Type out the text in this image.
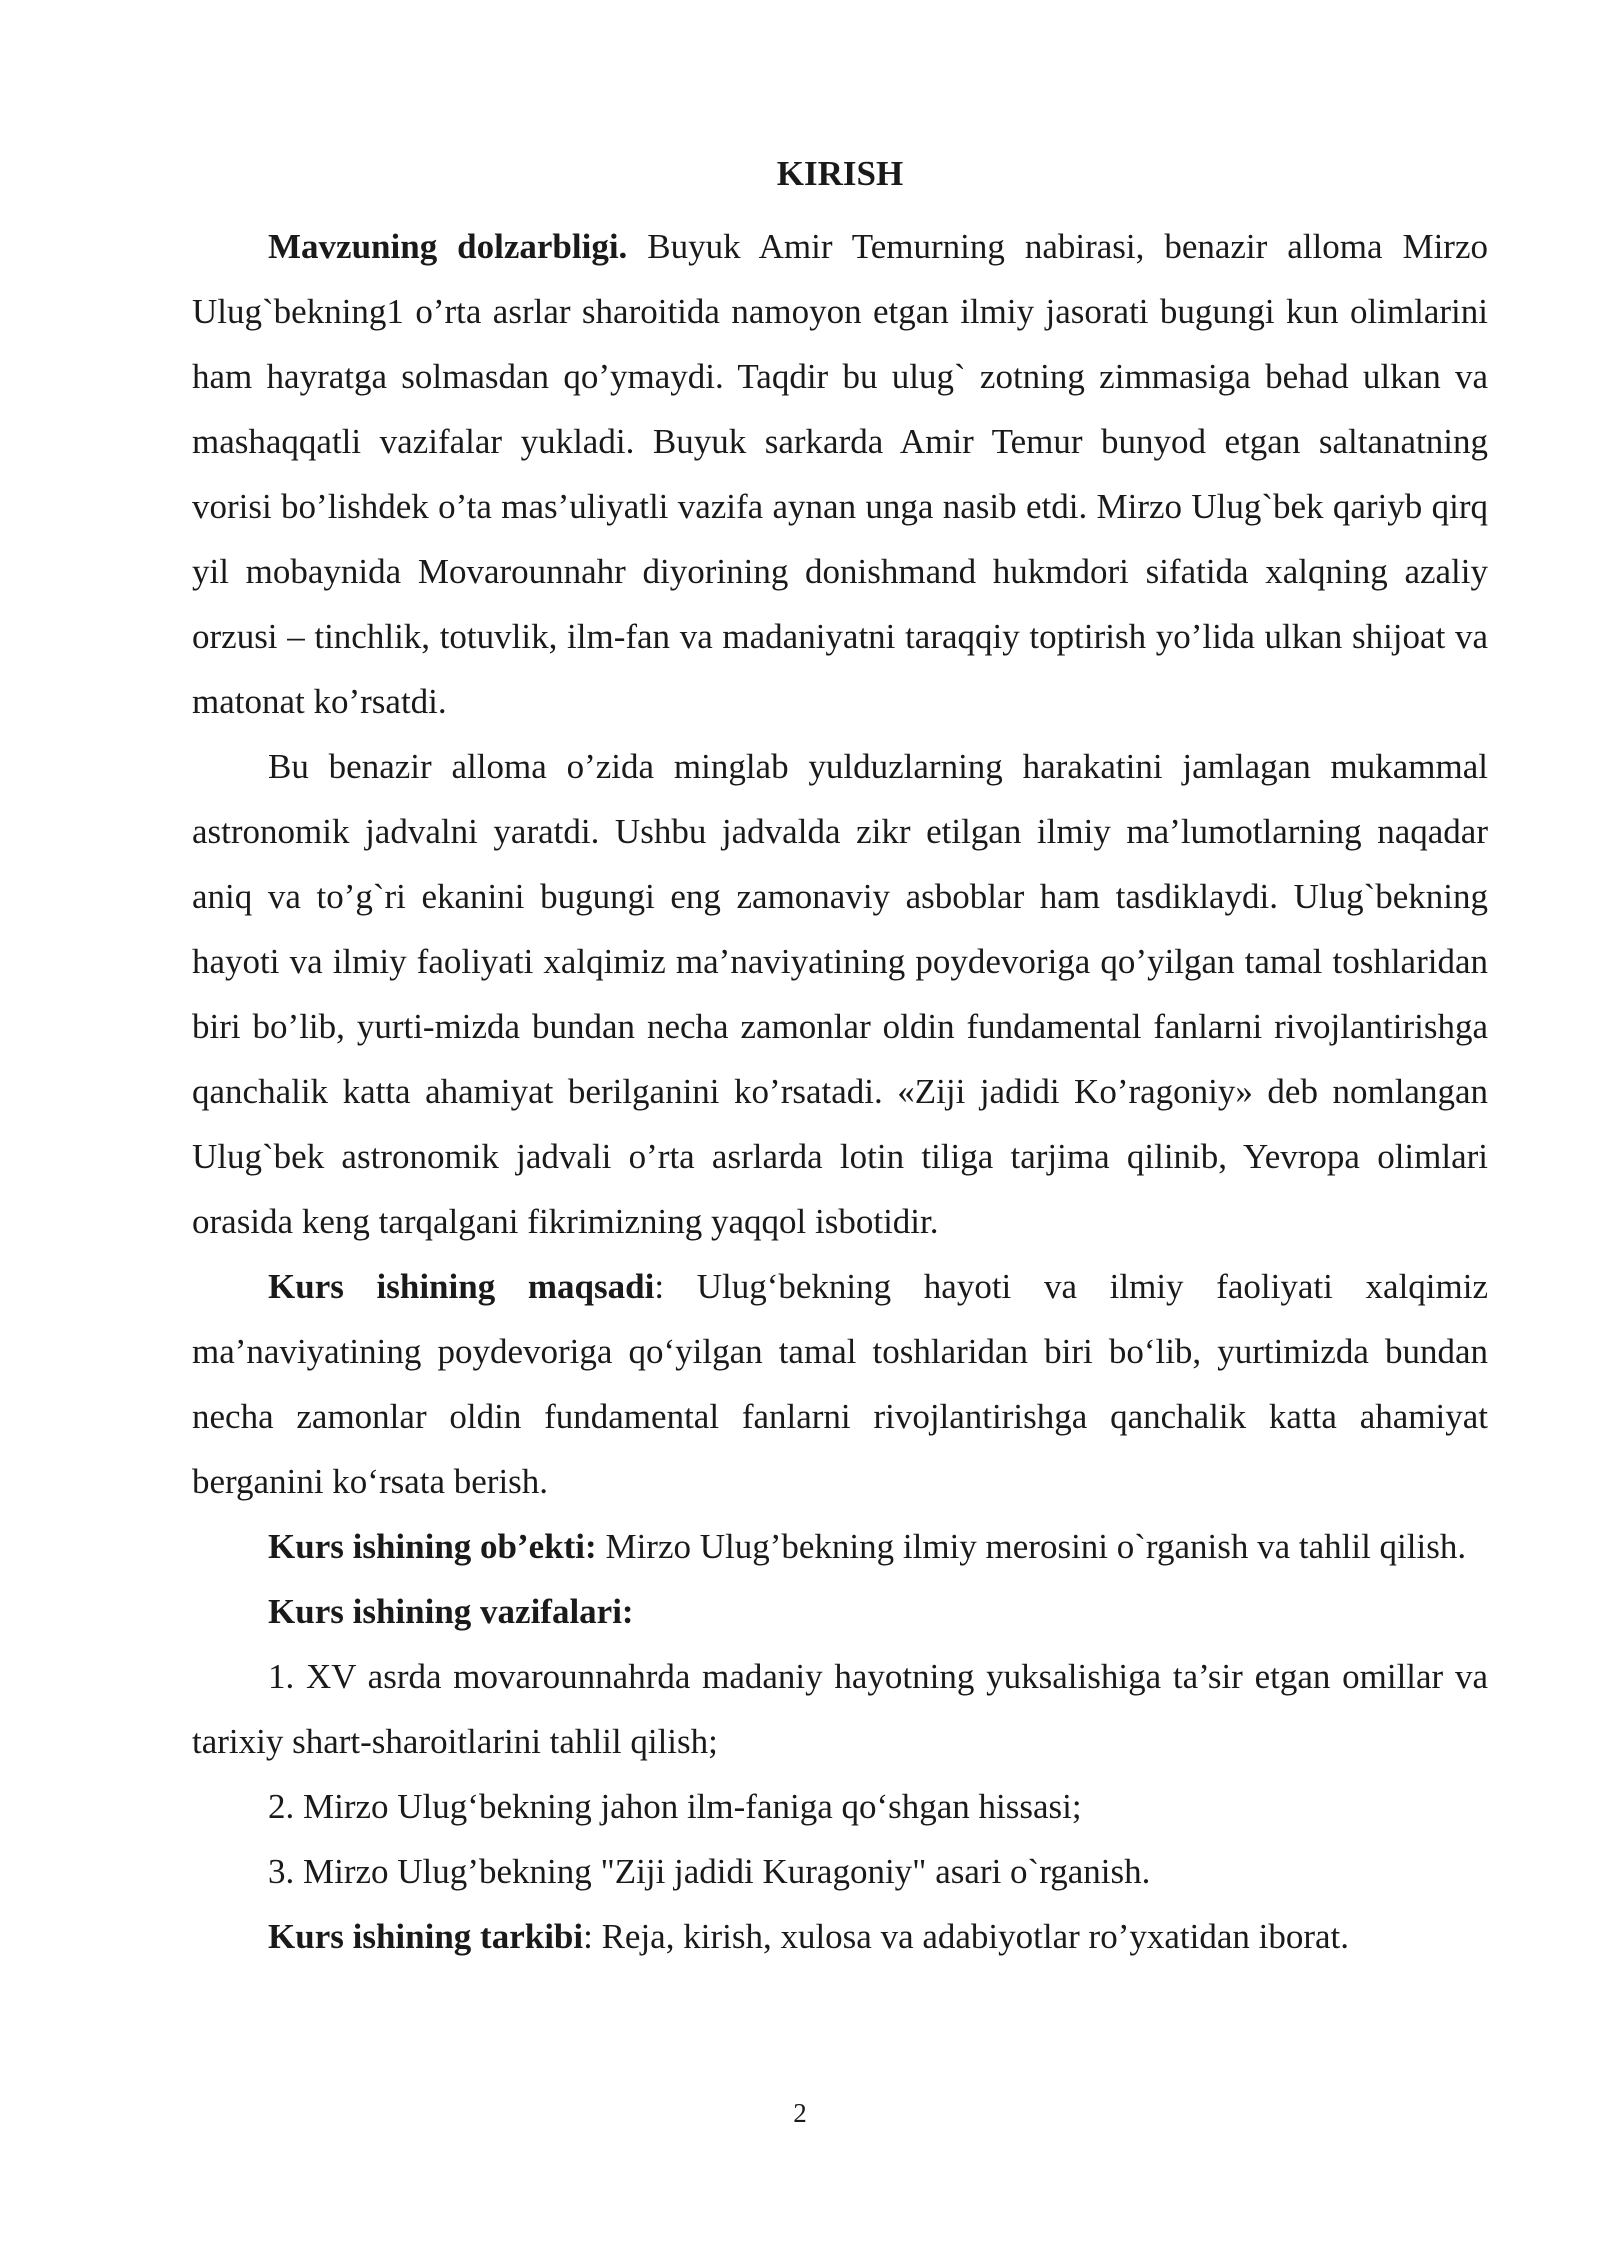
KIRISH

Mavzuning dolzarbligi. Buyuk Amir Temurning nabirasi, benazir alloma Mirzo Ulug`bekning1 o’rta asrlar sharoitida namoyon etgan ilmiy jasorati bugungi kun olimlarini ham hayratga solmasdan qo’ymaydi. Taqdir bu ulug` zotning zimmasiga behad ulkan va mashaqqatli vazifalar yukladi. Buyuk sarkarda Amir Temur bunyod etgan saltanatning vorisi bo’lishdek o’ta mas’uliyatli vazifa aynan unga nasib etdi. Mirzo Ulug`bek qariyb qirq yil mobaynida Movarounnahr diyorining donishmand hukmdori sifatida xalqning azaliy orzusi – tinchlik, totuvlik, ilm-fan va madaniyatni taraqqiy toptirish yo’lida ulkan shijoat va matonat ko’rsatdi.

Bu benazir alloma o’zida minglab yulduzlarning harakatini jamlagan mukammal astronomik jadvalni yaratdi. Ushbu jadvalda zikr etilgan ilmiy ma’lumotlarning naqadar aniq va to’g`ri ekanini bugungi eng zamonaviy asboblar ham tasdiklaydi. Ulug`bekning hayoti va ilmiy faoliyati xalqimiz ma’naviyatining poydevoriga qo’yilgan tamal toshlaridan biri bo’lib, yurti-mizda bundan necha zamonlar oldin fundamental fanlarni rivojlantirishga qanchalik katta ahamiyat berilganini ko’rsatadi. «Ziji jadidi Ko’ragoniy» deb nomlangan Ulug`bek astronomik jadvali o’rta asrlarda lotin tiliga tarjima qilinib, Yevropa olimlari orasida keng tarqalgani fikrimizning yaqqol isbotidir.

Kurs ishining maqsadi: Ulug‘bekning hayoti va ilmiy faoliyati xalqimiz ma’naviyatining poydevoriga qo‘yilgan tamal toshlaridan biri bo‘lib, yurtimizda bundan necha zamonlar oldin fundamental fanlarni rivojlantirishga qanchalik katta ahamiyat berganini ko‘rsata berish.

Kurs ishining ob’ekti: Mirzo Ulug’bekning ilmiy merosini o`rganish va tahlil qilish.

Kurs ishining vazifalari:

1. XV asrda movarounnahrda madaniy hayotning yuksalishiga ta’sir etgan omillar va tarixiy shart-sharoitlarini tahlil qilish;

2. Mirzo Ulug‘bekning jahon ilm-faniga qo‘shgan hissasi;

3. Mirzo Ulug’bekning "Ziji jadidi Kuragoniy" asari o`rganish.

Kurs ishining tarkibi: Reja, kirish, xulosa va adabiyotlar ro’yxatidan iborat.

2
